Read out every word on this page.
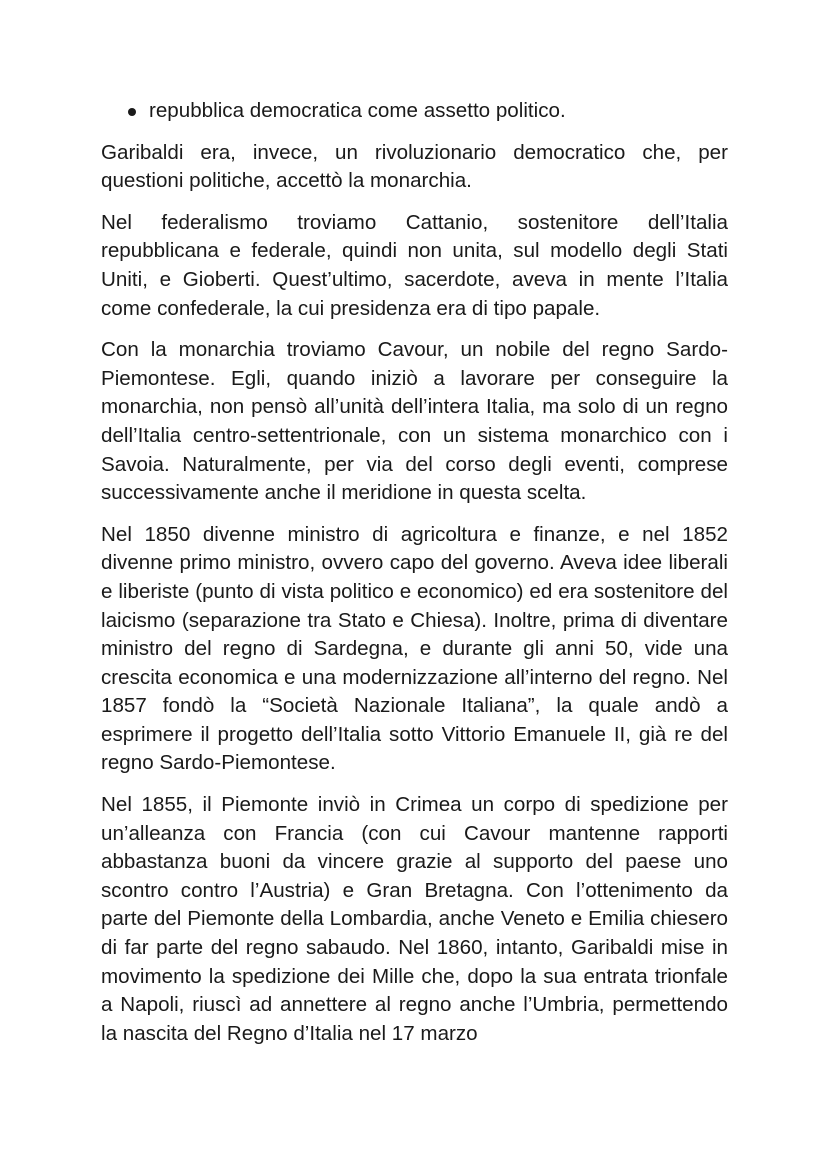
repubblica democratica come assetto politico.

Garibaldi era, invece, un rivoluzionario democratico che, per questioni politiche, accettò la monarchia.

Nel federalismo troviamo Cattanio, sostenitore dell’Italia repubblicana e federale, quindi non unita, sul modello degli Stati Uniti, e Gioberti. Quest’ultimo, sacerdote, aveva in mente l’Italia come confederale, la cui presidenza era di tipo papale.

Con la monarchia troviamo Cavour, un nobile del regno Sardo-Piemontese. Egli, quando iniziò a lavorare per conseguire la monarchia, non pensò all’unità dell’intera Italia, ma solo di un regno dell’Italia centro-settentrionale, con un sistema monarchico con i Savoia. Naturalmente, per via del corso degli eventi, comprese successivamente anche il meridione in questa scelta.

Nel 1850 divenne ministro di agricoltura e finanze, e nel 1852 divenne primo ministro, ovvero capo del governo. Aveva idee liberali e liberiste (punto di vista politico e economico) ed era sostenitore del laicismo (separazione tra Stato e Chiesa). Inoltre, prima di diventare ministro del regno di Sardegna, e durante gli anni 50, vide una crescita economica e una modernizzazione all’interno del regno. Nel 1857 fondò la “Società Nazionale Italiana”, la quale andò a esprimere il progetto dell’Italia sotto Vittorio Emanuele II, già re del regno Sardo-Piemontese.

Nel 1855, il Piemonte inviò in Crimea un corpo di spedizione per un’alleanza con Francia (con cui Cavour mantenne rapporti abbastanza buoni da vincere grazie al supporto del paese uno scontro contro l’Austria) e Gran Bretagna. Con l’ottenimento da parte del Piemonte della Lombardia, anche Veneto e Emilia chiesero di far parte del regno sabaudo. Nel 1860, intanto, Garibaldi mise in movimento la spedizione dei Mille che, dopo la sua entrata trionfale a Napoli, riuscì ad annettere al regno anche l’Umbria, permettendo la nascita del Regno d’Italia nel 17 marzo
